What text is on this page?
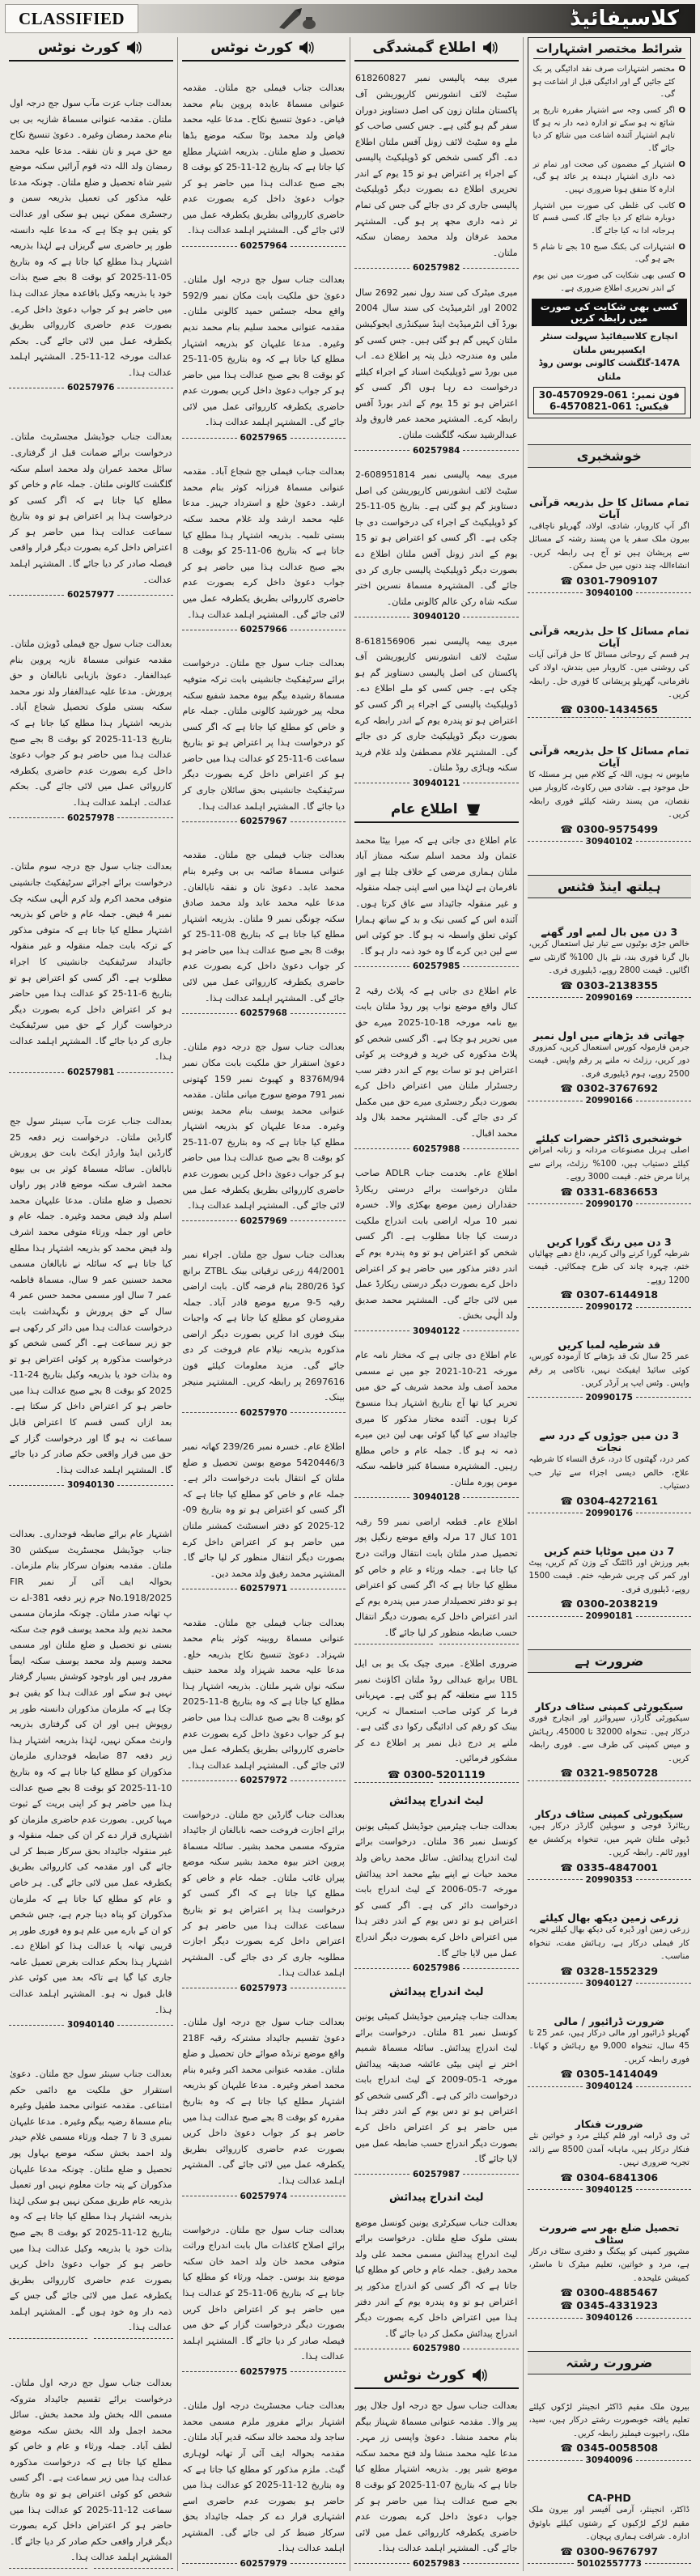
CLASSIFIED	کلاسیفائیڈ
کورٹ نوٹس
بعدالت جناب عزت مآب سول جج درجہ اول ملتان۔ مقدمہ عنوانی مسماۃ شازیہ بی بی بنام محمد رمضان وغیرہ۔ دعویٰ تنسیخ نکاح مع حق مہر و نان نفقہ۔ مدعا علیہ محمد رمضان ولد اللہ دتہ قوم آرائیں سکنہ موضع شیر شاہ تحصیل و ضلع ملتان۔ چونکہ مدعا علیہ مذکور کی تعمیل بذریعہ سمن و رجسٹری ممکن نہیں ہو سکی اور عدالت کو یقین ہو چکا ہے کہ مدعا علیہ دانستہ طور پر حاضری سے گریزاں ہے لہٰذا بذریعہ اشتہار ہذا مطلع کیا جاتا ہے کہ وہ بتاریخ 05-11-2025 کو بوقت 8 بجے صبح بذات خود یا بذریعہ وکیل باقاعدہ مجاز عدالت ہذا میں حاضر ہو کر جواب دعویٰ داخل کرے۔ بصورت عدم حاضری کارروائی بطریق یکطرفہ عمل میں لائی جائے گی۔ بحکم عدالت مورخہ 12-11-25۔ المشتہر اہلمد عدالت ہذا۔
60257976
بعدالت جناب جوڈیشل مجسٹریٹ ملتان۔ درخواست برائے ضمانت قبل از گرفتاری۔ سائل محمد عمران ولد محمد اسلم سکنہ گلگشت کالونی ملتان۔ جملہ عام و خاص کو مطلع کیا جاتا ہے کہ اگر کسی کو درخواست ہذا پر اعتراض ہو تو وہ بتاریخ سماعت عدالت ہذا میں حاضر ہو کر اعتراض داخل کرے بصورت دیگر قرار واقعی فیصلہ صادر کر دیا جائے گا۔ المشتہر اہلمد عدالت۔
60257977
بعدالت جناب سول جج فیملی ڈویژن ملتان۔ مقدمہ عنوانی مسماۃ نازیہ پروین بنام عبدالغفار۔ دعویٰ بازیابی نابالغان و حق پرورش۔ مدعا علیہ عبدالغفار ولد نور محمد سکنہ بستی ملوک تحصیل شجاع آباد۔ بذریعہ اشتہار ہذا مطلع کیا جاتا ہے کہ بتاریخ 13-11-2025 کو بوقت 8 بجے صبح عدالت ہذا میں حاضر ہو کر جواب دعویٰ داخل کرے بصورت عدم حاضری یکطرفہ کارروائی عمل میں لائی جائے گی۔ بحکم عدالت۔ اہلمد عدالت ہذا۔
60257978
بعدالت جناب سول جج درجہ سوم ملتان۔ درخواست برائے اجرائے سرٹیفکیٹ جانشینی متوفی محمد اکرم ولد کرم الٰہی سکنہ چک نمبر 4 فیض۔ جملہ عام و خاص کو بذریعہ اشتہار مطلع کیا جاتا ہے کہ متوفی مذکور کے ترکہ بابت جملہ منقولہ و غیر منقولہ جائیداد سرٹیفکیٹ جانشینی کا اجراء مطلوب ہے۔ اگر کسی کو اعتراض ہو تو بتاریخ 6-11-25 کو عدالت ہذا میں حاضر ہو کر اعتراض داخل کرے بصورت دیگر درخواست گزار کے حق میں سرٹیفکیٹ جاری کر دیا جائے گا۔ المشتہر اہلمد عدالت ہذا۔
60257981
بعدالت جناب عزت مآب سینئر سول جج گارڈین ملتان۔ درخواست زیر دفعہ 25 گارڈین اینڈ وارڈز ایکٹ بابت حق پرورش نابالغان۔ سائلہ مسماۃ کوثر بی بی بیوہ محمد اشرف سکنہ موضع قادر پور راواں تحصیل و ضلع ملتان۔ مدعا علیہان محمد اسلم ولد فیض محمد وغیرہ۔ جملہ عام و خاص اور جملہ ورثاء متوفی محمد اشرف ولد فیض محمد کو بذریعہ اشتہار ہذا مطلع کیا جاتا ہے کہ سائلہ نے نابالغان مسمی محمد حسنین عمر 9 سال، مسماۃ فاطمہ عمر 7 سال اور مسمی محمد حسن عمر 4 سال کے حق پرورش و نگہداشت بابت درخواست عدالت ہذا میں دائر کر رکھی ہے جو زیر سماعت ہے۔ اگر کسی شخص کو درخواست مذکورہ پر کوئی اعتراض ہو تو وہ بذات خود یا بذریعہ وکیل بتاریخ 24-11-2025 کو بوقت 8 بجے صبح عدالت ہذا میں حاضر ہو کر اعتراض داخل کر سکتا ہے۔ بعد ازاں کسی قسم کا اعتراض قابل سماعت نہ ہو گا اور درخواست گزار کے حق میں قرار واقعی حکم صادر کر دیا جائے گا۔ المشتہر اہلمد عدالت ہذا۔
30940130
اشتہار عام برائے ضابطہ فوجداری۔ بعدالت جناب جوڈیشل مجسٹریٹ سیکشن 30 ملتان۔ مقدمہ بعنوان سرکار بنام ملزمان۔ بحوالہ ایف آئی آر نمبر FIR No.1918/2025 جرم زیر دفعہ 381-اے ت پ تھانہ صدر ملتان۔ چونکہ ملزمان مسمی محمد ندیم ولد محمد یوسف قوم جٹ سکنہ بستی نو تحصیل و ضلع ملتان اور مسمی محمد وسیم ولد محمد یوسف سکنہ ایضاً مفرور ہیں اور باوجود کوشش بسیار گرفتار نہیں ہو سکے اور عدالت ہذا کو یقین ہو چکا ہے کہ ملزمان مذکوران دانستہ طور پر روپوش ہیں اور ان کی گرفتاری بذریعہ وارنٹ ممکن نہیں، لہٰذا بذریعہ اشتہار ہذا زیر دفعہ 87 ضابطہ فوجداری ملزمان مذکوران کو مطلع کیا جاتا ہے کہ وہ بتاریخ 10-11-2025 کو بوقت 8 بجے صبح عدالت ہذا میں حاضر ہو کر اپنی بریت کے ثبوت مہیا کریں۔ بصورت عدم حاضری ملزمان کو اشتہاری قرار دے کر ان کی جملہ منقولہ و غیر منقولہ جائیداد بحق سرکار ضبط کر لی جائے گی اور مقدمہ کی کارروائی بطریق یکطرفہ عمل میں لائی جائے گی۔ ہر خاص و عام کو مطلع کیا جاتا ہے کہ ملزمان مذکوران کو پناہ دینا جرم ہے، جس شخص کو ان کے بارے میں علم ہو وہ فوری طور پر قریبی تھانہ یا عدالت ہذا کو اطلاع دے۔ اشتہار ہذا بحکم عدالت بغرض تعمیل عامہ جاری کیا گیا ہے تاکہ بعد میں کوئی عذر قابل قبول نہ ہو۔ المشتہر اہلمد عدالت ہذا۔
30940140
بعدالت جناب سینئر سول جج ملتان۔ دعویٰ استقرار حق ملکیت مع دائمی حکم امتناعی۔ مقدمہ عنوانی محمد طفیل وغیرہ بنام مسماۃ رضیہ بیگم وغیرہ۔ مدعا علیہان نمبری 3 تا 7 جملہ ورثاء مسمی غلام حیدر ولد احمد بخش سکنہ موضع بہاول پور تحصیل و ضلع ملتان۔ چونکہ مدعا علیہان مذکوران کے پتہ جات معلوم نہیں اور تعمیل بذریعہ عام طریق ممکن نہیں ہو سکی لہٰذا بذریعہ اشتہار ہذا مطلع کیا جاتا ہے کہ وہ بتاریخ 12-11-2025 کو بوقت 8 بجے صبح بذات خود یا بذریعہ وکیل عدالت ہذا میں حاضر ہو کر جواب دعویٰ داخل کریں بصورت عدم حاضری کارروائی بطریق یکطرفہ عمل میں لائی جائے گی جس کے ذمہ دار وہ خود ہوں گے۔ المشتہر اہلمد عدالت ہذا۔
بعدالت جناب سول جج درجہ اول ملتان۔ درخواست برائے تقسیم جائیداد متروکہ مسمی اللہ بخش ولد محمد بخش۔ سائل محمد اجمل ولد اللہ بخش سکنہ موضع لطف آباد۔ جملہ ورثاء و عام و خاص کو مطلع کیا جاتا ہے کہ درخواست مذکورہ عدالت ہذا میں زیر سماعت ہے۔ اگر کسی شخص کو کوئی اعتراض ہو تو وہ بتاریخ سماعت 12-11-2025 کو عدالت ہذا میں حاضر ہو کر اعتراض داخل کرے بصورت دیگر قرار واقعی حکم صادر کر دیا جائے گا۔ المشتہر اہلمد عدالت ہذا۔
کورٹ نوٹس
بعدالت جناب فیملی جج ملتان۔ مقدمہ عنوانی مسماۃ عابدہ پروین بنام محمد فیاض۔ دعویٰ تنسیخ نکاح۔ مدعا علیہ محمد فیاض ولد محمد بوٹا سکنہ موضع بڈھا تحصیل و ضلع ملتان۔ بذریعہ اشتہار مطلع کیا جاتا ہے کہ بتاریخ 12-11-25 کو بوقت 8 بجے صبح عدالت ہذا میں حاضر ہو کر جواب دعویٰ داخل کرے بصورت عدم حاضری کارروائی بطریق یکطرفہ عمل میں لائی جائے گی۔ المشتہر اہلمد عدالت ہذا۔
60257964
بعدالت جناب سول جج درجہ اول ملتان۔ دعویٰ حق ملکیت بابت مکان نمبر 592/9 واقع محلہ جسٹس حمید کالونی ملتان۔ مقدمہ عنوانی محمد سلیم بنام محمد ندیم وغیرہ۔ مدعا علیہان کو بذریعہ اشتہار مطلع کیا جاتا ہے کہ وہ بتاریخ 05-11-25 کو بوقت 8 بجے صبح عدالت ہذا میں حاضر ہو کر جواب دعویٰ داخل کریں بصورت عدم حاضری یکطرفہ کارروائی عمل میں لائی جائے گی۔ المشتہر اہلمد عدالت ہذا۔
60257965
بعدالت جناب فیملی جج شجاع آباد۔ مقدمہ عنوانی مسماۃ فرزانہ کوثر بنام محمد ارشد۔ دعویٰ خلع و استرداد جہیز۔ مدعا علیہ محمد ارشد ولد غلام محمد سکنہ بستی تلمبہ۔ بذریعہ اشتہار ہذا مطلع کیا جاتا ہے کہ بتاریخ 06-11-25 کو بوقت 8 بجے صبح عدالت ہذا میں حاضر ہو کر جواب دعویٰ داخل کرے بصورت عدم حاضری کارروائی بطریق یکطرفہ عمل میں لائی جائے گی۔ المشتہر اہلمد عدالت ہذا۔
60257966
بعدالت جناب سول جج ملتان۔ درخواست برائے سرٹیفکیٹ جانشینی بابت ترکہ متوفیہ مسماۃ رشیدہ بیگم بیوہ محمد شفیع سکنہ محلہ پیر خورشید کالونی ملتان۔ جملہ عام و خاص کو مطلع کیا جاتا ہے کہ اگر کسی کو درخواست ہذا پر اعتراض ہو تو بتاریخ سماعت 6-11-25 کو عدالت ہذا میں حاضر ہو کر اعتراض داخل کرے بصورت دیگر سرٹیفکیٹ جانشینی بحق سائلان جاری کر دیا جائے گا۔ المشتہر اہلمد عدالت ہذا۔
60257967
بعدالت جناب فیملی جج ملتان۔ مقدمہ عنوانی مسماۃ صائمہ بی بی وغیرہ بنام محمد عابد۔ دعویٰ نان و نفقہ نابالغان۔ مدعا علیہ محمد عابد ولد محمد صادق سکنہ چونگی نمبر 9 ملتان۔ بذریعہ اشتہار مطلع کیا جاتا ہے کہ بتاریخ 08-11-25 کو بوقت 8 بجے صبح عدالت ہذا میں حاضر ہو کر جواب دعویٰ داخل کرے بصورت عدم حاضری یکطرفہ کارروائی عمل میں لائی جائے گی۔ المشتہر اہلمد عدالت ہذا۔
60257968
بعدالت جناب سول جج درجہ دوم ملتان۔ دعویٰ استقرار حق ملکیت بابت مکان نمبر 8376M/94 و کھیوٹ نمبر 159 کھتونی نمبر 791 موضع سورج میانی ملتان۔ مقدمہ عنوانی محمد یوسف بنام محمد یونس وغیرہ۔ مدعا علیہان کو بذریعہ اشتہار مطلع کیا جاتا ہے کہ وہ بتاریخ 07-11-25 کو بوقت 8 بجے صبح عدالت ہذا میں حاضر ہو کر جواب دعویٰ داخل کریں بصورت عدم حاضری کارروائی بطریق یکطرفہ عمل میں لائی جائے گی۔ المشتہر اہلمد عدالت ہذا۔
60257969
بعدالت جناب سول جج ملتان۔ اجراء نمبر 44/2001 زرعی ترقیاتی بینک ZTBL برانچ کوڈ 280/26 بنام قرضہ گان۔ بابت اراضی رقبہ 5-9 مربع موضع قادر آباد۔ جملہ مقروضان کو مطلع کیا جاتا ہے کہ واجبات بینک فوری ادا کریں بصورت دیگر اراضی مذکورہ بذریعہ نیلام عام فروخت کر دی جائے گی۔ مزید معلومات کیلئے فون 2697616 پر رابطہ کریں۔ المشتہر منیجر بینک۔
60257970
اطلاع عام۔ خسرہ نمبر 239/26 کھاتہ نمبر 5420446/3 موضع بوسن تحصیل و ضلع ملتان کے انتقال بابت درخواست دائر ہے۔ جملہ عام و خاص کو مطلع کیا جاتا ہے کہ اگر کسی کو اعتراض ہو تو وہ بتاریخ 09-12-2025 کو دفتر اسسٹنٹ کمشنر ملتان میں حاضر ہو کر اعتراض داخل کرے بصورت دیگر انتقال منظور کر لیا جائے گا۔ المشتہر محمد رفیق ولد محمد دین۔
60257971
بعدالت جناب فیملی جج ملتان۔ مقدمہ عنوانی مسماۃ روبینہ کوثر بنام محمد شہزاد۔ دعویٰ تنسیخ نکاح بذریعہ خلع۔ مدعا علیہ محمد شہزاد ولد محمد حنیف سکنہ نواں شہر ملتان۔ بذریعہ اشتہار ہذا مطلع کیا جاتا ہے کہ وہ بتاریخ 8-11-2025 کو بوقت 8 بجے صبح عدالت ہذا میں حاضر ہو کر جواب دعویٰ داخل کرے بصورت عدم حاضری کارروائی بطریق یکطرفہ عمل میں لائی جائے گی۔ المشتہر اہلمد عدالت ہذا۔
60257972
بعدالت جناب گارڈین جج ملتان۔ درخواست برائے اجازت فروخت حصہ نابالغان از جائیداد متروکہ مسمی محمد بشیر۔ سائلہ مسماۃ پروین اختر بیوہ محمد بشیر سکنہ موضع پیراں غائب ملتان۔ جملہ عام و خاص کو مطلع کیا جاتا ہے کہ اگر کسی کو درخواست ہذا پر اعتراض ہو تو بتاریخ سماعت عدالت ہذا میں حاضر ہو کر اعتراض داخل کرے بصورت دیگر اجازت مطلوبہ جاری کر دی جائے گی۔ المشتہر اہلمد عدالت ہذا۔
60257973
بعدالت جناب سول جج درجہ اول ملتان۔ دعویٰ تقسیم جائیداد مشترکہ رقبہ 218F واقع موضع ترنڈہ صوائے خان تحصیل و ضلع ملتان۔ مقدمہ عنوانی محمد اکبر وغیرہ بنام محمد اصغر وغیرہ۔ مدعا علیہان کو بذریعہ اشتہار مطلع کیا جاتا ہے کہ وہ بتاریخ مقررہ کو بوقت 8 بجے صبح عدالت ہذا میں حاضر ہو کر جواب دعویٰ داخل کریں بصورت عدم حاضری کارروائی بطریق یکطرفہ عمل میں لائی جائے گی۔ المشتہر اہلمد عدالت ہذا۔
60257974
بعدالت جناب سول جج ملتان۔ درخواست برائے اصلاح کاغذات مال بابت اندراج وراثت متوفی محمد خان ولد احمد خان سکنہ موضع بند بوسن۔ جملہ ورثاء کو مطلع کیا جاتا ہے کہ بتاریخ 06-11-25 کو عدالت ہذا میں حاضر ہو کر اعتراض داخل کریں بصورت دیگر درخواست گزار کے حق میں فیصلہ صادر کر دیا جائے گا۔ المشتہر اہلمد عدالت ہذا۔
60257975
بعدالت جناب مجسٹریٹ درجہ اول ملتان۔ اشتہار برائے مفرور ملزم مسمی محمد ساجد ولد محمد خالد سکنہ قدیر آباد ملتان۔ مقدمہ بحوالہ ایف آئی آر تھانہ لوہاری گیٹ۔ ملزم مذکور کو مطلع کیا جاتا ہے کہ وہ بتاریخ 12-11-2025 کو عدالت ہذا میں حاضر ہو بصورت عدم حاضری اسے اشتہاری قرار دے کر جملہ جائیداد بحق سرکار ضبط کر لی جائے گی۔ المشتہر اہلمد عدالت ہذا۔
60257979
اطلاع گمشدگی
میری بیمہ پالیسی نمبر 618260827 سٹیٹ لائف انشورنس کارپوریشن آف پاکستان ملتان زون کی اصل دستاویز دوران سفر گم ہو گئی ہے۔ جس کسی صاحب کو ملے وہ سٹیٹ لائف زونل آفس ملتان اطلاع دے۔ اگر کسی شخص کو ڈوپلیکیٹ پالیسی کے اجراء پر اعتراض ہو تو 15 یوم کے اندر تحریری اطلاع دے بصورت دیگر ڈوپلیکیٹ پالیسی جاری کر دی جائے گی جس کی تمام تر ذمہ داری مجھ پر ہو گی۔ المشتہر محمد عرفان ولد محمد رمضان سکنہ ملتان۔
60257982
میری میٹرک کی سند رول نمبر 2692 سال 2002 اور انٹرمیڈیٹ کی سند سال 2004 بورڈ آف انٹرمیڈیٹ اینڈ سیکنڈری ایجوکیشن ملتان کہیں گم ہو گئی ہیں۔ جس کسی کو ملیں وہ مندرجہ ذیل پتہ پر اطلاع دے۔ اب میں بورڈ سے ڈوپلیکیٹ اسناد کے اجراء کیلئے درخواست دے رہا ہوں اگر کسی کو اعتراض ہو تو 15 یوم کے اندر بورڈ آفس رابطہ کرے۔ المشتہر محمد عمر فاروق ولد عبدالرشید سکنہ گلگشت ملتان۔
60257984
میری بیمہ پالیسی نمبر 608951814-2 سٹیٹ لائف انشورنس کارپوریشن کی اصل دستاویز گم ہو گئی ہے۔ بتاریخ 05-11-25 کو ڈوپلیکیٹ کے اجراء کی درخواست دی جا چکی ہے۔ اگر کسی کو اعتراض ہو تو 15 یوم کے اندر زونل آفس ملتان اطلاع دے بصورت دیگر ڈوپلیکیٹ پالیسی جاری کر دی جائے گی۔ المشتہرہ مسماۃ نسرین اختر سکنہ شاہ رکن عالم کالونی ملتان۔
30940120
میری بیمہ پالیسی نمبر 618156906-8 سٹیٹ لائف انشورنس کارپوریشن آف پاکستان کی اصل پالیسی دستاویز گم ہو چکی ہے۔ جس کسی کو ملے اطلاع دے۔ ڈوپلیکیٹ پالیسی کے اجراء پر اگر کسی کو اعتراض ہو تو پندرہ یوم کے اندر رابطہ کرے بصورت دیگر ڈوپلیکیٹ جاری کر دی جائے گی۔ المشتہر غلام مصطفیٰ ولد غلام فرید سکنہ وہاڑی روڈ ملتان۔
30940121
اطلاع عام
عام اطلاع دی جاتی ہے کہ میرا بیٹا محمد عثمان ولد محمد اسلم سکنہ ممتاز آباد ملتان ہماری مرضی کے خلاف چلتا ہے اور نافرمان ہے لہٰذا میں اسے اپنی جملہ منقولہ و غیر منقولہ جائیداد سے عاق کرتا ہوں۔ آئندہ اس کے کسی نیک و بد کے ساتھ ہمارا کوئی تعلق واسطہ نہ ہو گا۔ جو کوئی اس سے لین دین کرے گا وہ خود ذمہ دار ہو گا۔
60257985
عام اطلاع دی جاتی ہے کہ پلاٹ رقبہ 2 کنال واقع موضع نواب پور روڈ ملتان بابت بیع نامہ مورخہ 18-10-2025 میرے حق میں تحریر ہو چکا ہے۔ اگر کسی شخص کو پلاٹ مذکورہ کی خرید و فروخت پر کوئی اعتراض ہو تو سات یوم کے اندر دفتر سب رجسٹرار ملتان میں اعتراض داخل کرے بصورت دیگر رجسٹری میرے حق میں مکمل کر دی جائے گی۔ المشتہر محمد بلال ولد محمد اقبال۔
60257988
اطلاع عام۔ بخدمت جناب ADLR صاحب ملتان درخواست برائے درستی ریکارڈ حقداران زمین موضع بھکڑی والا۔ خسرہ نمبر 10 مرلہ اراضی بابت اندراج ملکیت درست کیا جانا مطلوب ہے۔ اگر کسی شخص کو اعتراض ہو تو وہ پندرہ یوم کے اندر دفتر مذکور میں حاضر ہو کر اعتراض داخل کرے بصورت دیگر درستی ریکارڈ عمل میں لائی جائے گی۔ المشتہر محمد صدیق ولد الٰہی بخش۔
30940122
عام اطلاع دی جاتی ہے کہ مختار نامہ عام مورخہ 21-10-2021 جو میں نے مسمی محمد آصف ولد محمد شریف کے حق میں تحریر کیا تھا آج بتاریخ اشتہار ہذا منسوخ کرتا ہوں۔ آئندہ مختار مذکور کا میری جائیداد سے کیا گیا کوئی بھی لین دین میرے ذمہ نہ ہو گا۔ جملہ عام و خاص مطلع رہیں۔ المشتہرہ مسماۃ کنیز فاطمہ سکنہ مومن پورہ ملتان۔
30940128
اطلاع عام۔ قطعہ اراضی نمبر 59 رقبہ 101 کنال 17 مرلہ واقع موضع رنگیل پور تحصیل صدر ملتان بابت انتقال وراثت درج کیا جانا ہے۔ جملہ ورثاء و عام و خاص کو مطلع کیا جاتا ہے کہ اگر کسی کو اعتراض ہو تو دفتر تحصیلدار صدر میں پندرہ یوم کے اندر اعتراض داخل کرے بصورت دیگر انتقال حسب ضابطہ منظور کر لیا جائے گا۔
ضروری اطلاع۔ میری چیک بک یو بی ایل UBL برانچ عبدالی روڈ ملتان اکاؤنٹ نمبر 115 سے متعلقہ گم ہو گئی ہے۔ مہربانی فرما کر کوئی صاحب استعمال نہ کریں، بینک کو رقم کی ادائیگی رکوا دی گئی ہے۔ ملنے پر درج ذیل نمبر پر اطلاع دے کر مشکور فرمائیں۔
☎ 0300-5201119
لیٹ اندراج پیدائش
بعدالت جناب چیئرمین جوڈیشل کمیٹی یونین کونسل نمبر 36 ملتان۔ درخواست برائے لیٹ اندراج پیدائش۔ سائل محمد ریاض ولد محمد حیات نے اپنے بیٹے محمد احد پیدائش مورخہ 7-05-2006 کے لیٹ اندراج بابت درخواست دائر کی ہے۔ اگر کسی کو اعتراض ہو تو دس یوم کے اندر دفتر ہذا میں اعتراض داخل کرے بصورت دیگر اندراج عمل میں لایا جائے گا۔
60257986
لیٹ اندراج پیدائش
بعدالت جناب چیئرمین جوڈیشل کمیٹی یونین کونسل نمبر 81 ملتان۔ درخواست برائے لیٹ اندراج پیدائش۔ سائلہ مسماۃ شمیم اختر نے اپنی بیٹی عائشہ صدیقہ پیدائش مورخہ 1-05-2009 کے لیٹ اندراج بابت درخواست دائر کی ہے۔ اگر کسی شخص کو اعتراض ہو تو دس یوم کے اندر دفتر ہذا میں حاضر ہو کر اعتراض داخل کرے بصورت دیگر اندراج حسب ضابطہ عمل میں لایا جائے گا۔
60257987
لیٹ اندراج پیدائش
بعدالت جناب سیکرٹری یونین کونسل موضع بستی ملوک ضلع ملتان۔ درخواست برائے لیٹ اندراج پیدائش مسمی محمد علی ولد محمد رفیق۔ جملہ عام و خاص کو مطلع کیا جاتا ہے کہ اگر کسی کو اندراج مذکور پر اعتراض ہو تو وہ پندرہ یوم کے اندر دفتر ہذا میں اعتراض داخل کرے بصورت دیگر اندراج پیدائش مکمل کر دیا جائے گا۔
60257980
کورٹ نوٹس
بعدالت جناب سول جج درجہ اول جلال پور پیر والا۔ مقدمہ عنوانی مسماۃ شہناز بیگم بنام محمد منشا۔ دعویٰ واپسی زر مہر۔ مدعا علیہ محمد منشا ولد فتح محمد سکنہ موضع شیر پور۔ بذریعہ اشتہار مطلع کیا جاتا ہے کہ بتاریخ 07-11-2025 کو بوقت 8 بجے صبح عدالت ہذا میں حاضر ہو کر جواب دعویٰ داخل کرے بصورت عدم حاضری یکطرفہ کارروائی عمل میں لائی جائے گی۔ المشتہر اہلمد عدالت ہذا۔
60257983
شرائط مختصر اشتہارات
O مختصر اشتہارات صرف نقد ادائیگی پر بک کئے جائیں گے اور ادائیگی قبل از اشاعت ہو گی۔
O اگر کسی وجہ سے اشتہار مقررہ تاریخ پر شائع نہ ہو سکے تو ادارہ ذمہ دار نہ ہو گا تاہم اشتہار آئندہ اشاعت میں شائع کر دیا جائے گا۔
O اشتہار کے مضمون کی صحت اور تمام تر ذمہ داری اشتہار دہندہ پر عائد ہو گی، ادارہ کا متفق ہونا ضروری نہیں۔
O کاتب کی غلطی کی صورت میں اشتہار دوبارہ شائع کر دیا جائے گا، کسی قسم کا ہرجانہ ادا نہ کیا جائے گا۔
O اشتہارات کی بکنگ صبح 10 بجے تا شام 5 بجے ہو گی۔
O کسی بھی شکایت کی صورت میں تین یوم کے اندر تحریری اطلاع ضروری ہے۔
کسی بھی شکایت کی صورت میں رابطہ کریں
انچارج کلاسیفائیڈ سہولت سنٹر ایکسپریس ملتان
147A-گلگشت کالونی بوسن روڈ ملتان
فون نمبر: 061-4570929-30
فیکس: 061-4570821-6
خوشخبری
تمام مسائل کا حل بذریعہ قرآنی آیات
اگر آپ کاروبار، شادی، اولاد، گھریلو ناچاقی، بیرون ملک سفر یا من پسند رشتہ کے مسائل سے پریشان ہیں تو آج ہی رابطہ کریں۔ انشاءاللہ چند دنوں میں حل ممکن۔
☎ 0301-7909107
30940100
تمام مسائل کا حل بذریعہ قرآنی آیات
ہر قسم کے روحانی مسائل کا حل قرآنی آیات کی روشنی میں۔ کاروبار میں بندش، اولاد کی نافرمانی، گھریلو پریشانی کا فوری حل۔ رابطہ کریں۔
☎ 0300-1434565
تمام مسائل کا حل بذریعہ قرآنی آیات
مایوس نہ ہوں، اللہ کے کلام میں ہر مسئلہ کا حل موجود ہے۔ شادی میں رکاوٹ، کاروبار میں نقصان، من پسند رشتہ کیلئے فوری رابطہ کریں۔
☎ 0300-9575499
30940102
ہیلتھ اینڈ فٹنس
3 دن میں بال لمبے اور گھنے
خالص جڑی بوٹیوں سے تیار تیل استعمال کریں، بال گرنا فوری بند، نئے بال 100% گارنٹی سے اگائیں۔ قیمت 2800 روپے، ڈیلیوری فری۔
☎ 0303-2138355
20990169
چھاتی قد بڑھانے میں اول نمبر
جرمن فارمولہ کورس استعمال کریں، کمزوری دور کریں، رزلٹ نہ ملنے پر رقم واپس۔ قیمت 2500 روپے، ہوم ڈیلیوری فری۔
☎ 0302-3767692
20990166
خوشخبری ڈاکٹر حضرات کیلئے
اصلی ہربل مصنوعات مردانہ و زنانہ امراض کیلئے دستیاب ہیں، 100% رزلٹ، پرانے سے پرانا مرض ختم۔ قیمت 3000 روپے۔
☎ 0331-6836653
20990170
3 دن میں رنگ گورا کریں
شرطیہ گورا کرنے والی کریم، داغ دھبے چھائیاں ختم، چہرہ چاند کی طرح چمکائیں۔ قیمت 1200 روپے۔
☎ 0307-6144918
20990172
قد شرطیہ لمبا کریں
عمر 25 سال تک قد بڑھانے کا آزمودہ کورس، کوئی سائیڈ ایفیکٹ نہیں، ناکامی پر رقم واپس۔ وٹس ایپ پر آرڈر کریں۔
20990175
3 دن میں جوڑوں کے درد سے نجات
کمر درد، گھٹنوں کا درد، عرق النساء کا شرطیہ علاج، خالص دیسی اجزاء سے تیار حب دستیاب۔
☎ 0304-4272161
20990176
7 دن میں موٹاپا ختم کریں
بغیر ورزش اور ڈائٹنگ کے وزن کم کریں، پیٹ اور کمر کی چربی شرطیہ ختم۔ قیمت 1500 روپے، ڈیلیوری فری۔
☎ 0300-2038219
20990181
ضرورت ہے
سیکیورٹی کمپنی سٹاف درکار
سیکیورٹی گارڈز، سپروائزر اور انچارج فوری درکار ہیں۔ تنخواہ 32000 تا 45000، رہائش و میس کمپنی کی طرف سے۔ فوری رابطہ کریں۔
☎ 0321-9850728
سیکیورٹی کمپنی سٹاف درکار
ریٹائرڈ فوجی و سویلین گارڈز درکار ہیں، ڈیوٹی ملتان شہر میں، تنخواہ پرکشش مع اوور ٹائم۔ رابطہ کریں۔
☎ 0335-4847001
20990353
زرعی زمین دیکھ بھال کیلئے
زرعی زمین اور ڈیرہ کی دیکھ بھال کیلئے تجربہ کار فیملی درکار ہے، رہائش مفت، تنخواہ مناسب۔
☎ 0328-1552329
30940127
ضرورت ڈرائیور / مالی
گھریلو ڈرائیور اور مالی درکار ہیں، عمر 25 تا 45 سال، تنخواہ 9,000 مع رہائش و کھانا۔ فوری رابطہ کریں۔
☎ 0305-1414049
30940124
ضرورت فنکار
ٹی وی ڈرامہ اور فلم کیلئے مرد و خواتین نئے فنکار درکار ہیں، ماہانہ آمدن 8500 سے زائد، تجربہ ضروری نہیں۔
☎ 0304-6841306
30940125
تحصیل ضلع بھر سے ضرورت سٹاف
مشہور کمپنی کو پیکنگ و دفتری سٹاف درکار ہے، مرد و خواتین، تعلیم میٹرک تا ماسٹر، کمیشن علیحدہ۔
☎ 0300-4885467
☎ 0345-4331923
30940126
ضرورت رشتہ
بیرون ملک مقیم ڈاکٹر انجینئر لڑکوں کیلئے تعلیم یافتہ خوبصورت رشتے درکار ہیں، سید، ملک، راجپوت فیملیز رابطہ کریں۔
☎ 0345-0058508
30940096
CA-PHD
ڈاکٹر، انجینئر، آرمی آفیسر اور بیرون ملک مقیم لڑکے لڑکیوں کے رشتوں کیلئے باوثوق ادارہ۔ شرافت ہماری پہچان۔
☎ 0300-9676797
50102557773
